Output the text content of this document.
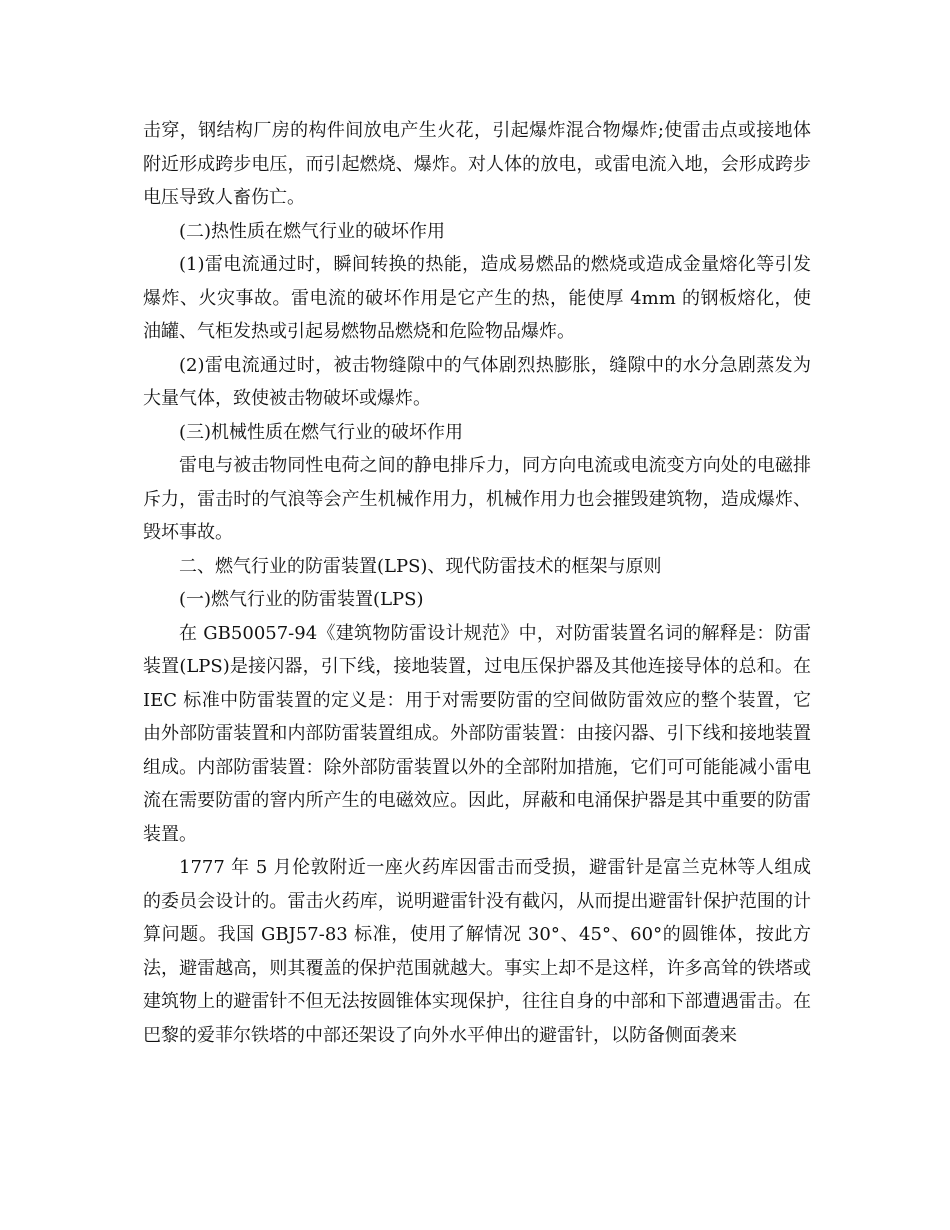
击穿，钢结构厂房的构件间放电产生火花，引起爆炸混合物爆炸;使雷击点或接地体附近形成跨步电压，而引起燃烧、爆炸。对人体的放电，或雷电流入地，会形成跨步电压导致人畜伤亡。

(二)热性质在燃气行业的破坏作用

(1)雷电流通过时，瞬间转换的热能，造成易燃品的燃烧或造成金量熔化等引发爆炸、火灾事故。雷电流的破坏作用是它产生的热，能使厚 4mm 的钢板熔化，使油罐、气柜发热或引起易燃物品燃烧和危险物品爆炸。

(2)雷电流通过时，被击物缝隙中的气体剧烈热膨胀，缝隙中的水分急剧蒸发为大量气体，致使被击物破坏或爆炸。

(三)机械性质在燃气行业的破坏作用

雷电与被击物同性电荷之间的静电排斥力，同方向电流或电流变方向处的电磁排斥力，雷击时的气浪等会产生机械作用力，机械作用力也会摧毁建筑物，造成爆炸、毁坏事故。

二、燃气行业的防雷装置(LPS)、现代防雷技术的框架与原则

(一)燃气行业的防雷装置(LPS)

在 GB50057-94《建筑物防雷设计规范》中，对防雷装置名词的解释是：防雷装置(LPS)是接闪器，引下线，接地装置，过电压保护器及其他连接导体的总和。在 IEC 标准中防雷装置的定义是：用于对需要防雷的空间做防雷效应的整个装置，它由外部防雷装置和内部防雷装置组成。外部防雷装置：由接闪器、引下线和接地装置组成。内部防雷装置：除外部防雷装置以外的全部附加措施，它们可可能能减小雷电流在需要防雷的窨内所产生的电磁效应。因此，屏蔽和电涌保护器是其中重要的防雷装置。

1777 年 5 月伦敦附近一座火药库因雷击而受损，避雷针是富兰克林等人组成的委员会设计的。雷击火药库，说明避雷针没有截闪，从而提出避雷针保护范围的计算问题。我国 GBJ57-83 标准，使用了解情况 30°、45°、60°的圆锥体，按此方法，避雷越高，则其覆盖的保护范围就越大。事实上却不是这样，许多高耸的铁塔或建筑物上的避雷针不但无法按圆锥体实现保护，往往自身的中部和下部遭遇雷击。在巴黎的爱菲尔铁塔的中部还架设了向外水平伸出的避雷针，以防备侧面袭来
